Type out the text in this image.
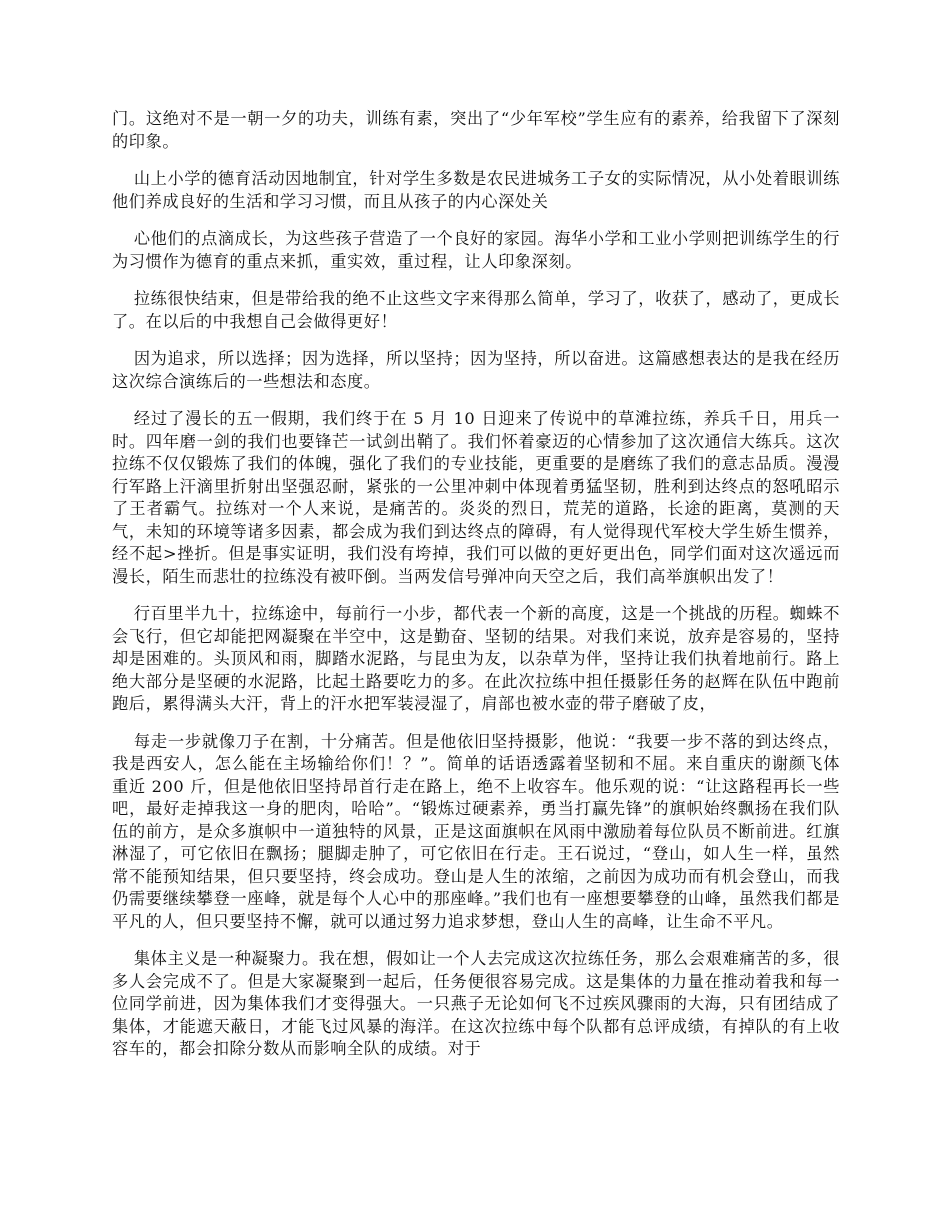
门。这绝对不是一朝一夕的功夫，训练有素，突出了“少年军校”学生应有的素养，给我留下了深刻的印象。

山上小学的德育活动因地制宜，针对学生多数是农民进城务工子女的实际情况，从小处着眼训练他们养成良好的生活和学习习惯，而且从孩子的内心深处关

心他们的点滴成长，为这些孩子营造了一个良好的家园。海华小学和工业小学则把训练学生的行为习惯作为德育的重点来抓，重实效，重过程，让人印象深刻。

拉练很快结束，但是带给我的绝不止这些文字来得那么简单，学习了，收获了，感动了，更成长了。在以后的中我想自己会做得更好！

因为追求，所以选择；因为选择，所以坚持；因为坚持，所以奋进。这篇感想表达的是我在经历这次综合演练后的一些想法和态度。

经过了漫长的五一假期，我们终于在 5 月 10 日迎来了传说中的草滩拉练，养兵千日，用兵一时。四年磨一剑的我们也要锋芒一试剑出鞘了。我们怀着豪迈的心情参加了这次通信大练兵。这次拉练不仅仅锻炼了我们的体魄，强化了我们的专业技能，更重要的是磨练了我们的意志品质。漫漫行军路上汗滴里折射出坚强忍耐，紧张的一公里冲刺中体现着勇猛坚韧，胜利到达终点的怒吼昭示了王者霸气。拉练对一个人来说，是痛苦的。炎炎的烈日，荒芜的道路，长途的距离，莫测的天气，未知的环境等诸多因素，都会成为我们到达终点的障碍，有人觉得现代军校大学生娇生惯养，经不起>挫折。但是事实证明，我们没有垮掉，我们可以做的更好更出色，同学们面对这次遥远而漫长，陌生而悲壮的拉练没有被吓倒。当两发信号弹冲向天空之后，我们高举旗帜出发了！

行百里半九十，拉练途中，每前行一小步，都代表一个新的高度，这是一个挑战的历程。蜘蛛不会飞行，但它却能把网凝聚在半空中，这是勤奋、坚韧的结果。对我们来说，放弃是容易的，坚持却是困难的。头顶风和雨，脚踏水泥路，与昆虫为友，以杂草为伴，坚持让我们执着地前行。路上绝大部分是坚硬的水泥路，比起土路要吃力的多。在此次拉练中担任摄影任务的赵辉在队伍中跑前跑后，累得满头大汗，背上的汗水把军装浸湿了，肩部也被水壶的带子磨破了皮，

每走一步就像刀子在割，十分痛苦。但是他依旧坚持摄影，他说：“我要一步不落的到达终点，我是西安人，怎么能在主场输给你们！？”。简单的话语透露着坚韧和不屈。来自重庆的谢颜飞体重近 200 斤，但是他依旧坚持昂首行走在路上，绝不上收容车。他乐观的说：“让这路程再长一些吧，最好走掉我这一身的肥肉，哈哈”。“锻炼过硬素养，勇当打赢先锋”的旗帜始终飘扬在我们队伍的前方，是众多旗帜中一道独特的风景，正是这面旗帜在风雨中激励着每位队员不断前进。红旗淋湿了，可它依旧在飘扬；腿脚走肿了，可它依旧在行走。王石说过，“登山，如人生一样，虽然常不能预知结果，但只要坚持，终会成功。登山是人生的浓缩，之前因为成功而有机会登山，而我仍需要继续攀登一座峰，就是每个人心中的那座峰。”我们也有一座想要攀登的山峰，虽然我们都是平凡的人，但只要坚持不懈，就可以通过努力追求梦想，登山人生的高峰，让生命不平凡。

集体主义是一种凝聚力。我在想，假如让一个人去完成这次拉练任务，那么会艰难痛苦的多，很多人会完成不了。但是大家凝聚到一起后，任务便很容易完成。这是集体的力量在推动着我和每一位同学前进，因为集体我们才变得强大。一只燕子无论如何飞不过疾风骤雨的大海，只有团结成了集体，才能遮天蔽日，才能飞过风暴的海洋。在这次拉练中每个队都有总评成绩，有掉队的有上收容车的，都会扣除分数从而影响全队的成绩。对于
